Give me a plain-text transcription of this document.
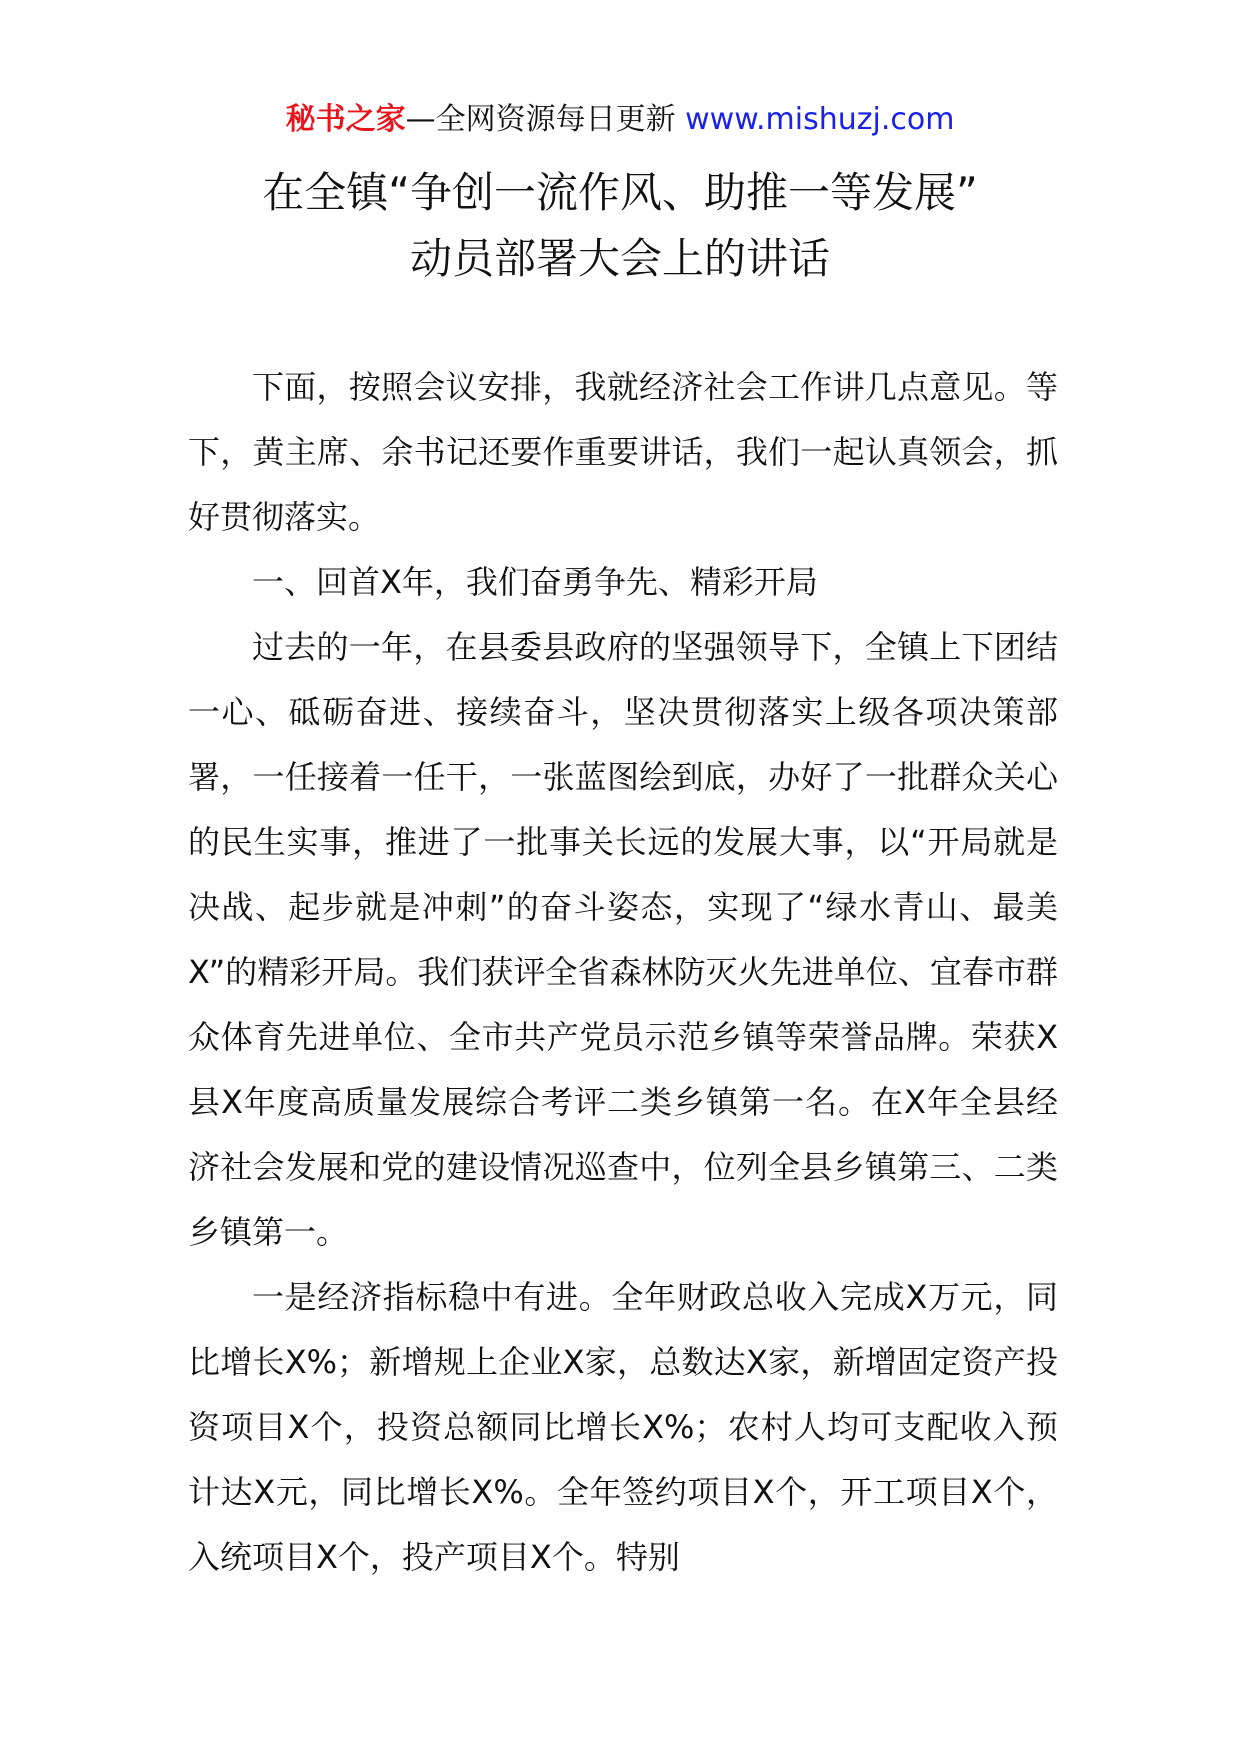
秘书之家—全网资源每日更新 www.mishuzj.com
在全镇“争创一流作风、助推一等发展”
动员部署大会上的讲话

下面，按照会议安排，我就经济社会工作讲几点意见。等下，黄主席、余书记还要作重要讲话，我们一起认真领会，抓好贯彻落实。

一、回首X年，我们奋勇争先、精彩开局

过去的一年，在县委县政府的坚强领导下，全镇上下团结一心、砥砺奋进、接续奋斗，坚决贯彻落实上级各项决策部署，一任接着一任干，一张蓝图绘到底，办好了一批群众关心的民生实事，推进了一批事关长远的发展大事，以“开局就是决战、起步就是冲刺”的奋斗姿态，实现了“绿水青山、最美X”的精彩开局。我们获评全省森林防灭火先进单位、宜春市群众体育先进单位、全市共产党员示范乡镇等荣誉品牌。荣获X县X年度高质量发展综合考评二类乡镇第一名。在X年全县经济社会发展和党的建设情况巡查中，位列全县乡镇第三、二类乡镇第一。

一是经济指标稳中有进。全年财政总收入完成X万元，同比增长X%；新增规上企业X家，总数达X家，新增固定资产投资项目X个，投资总额同比增长X%；农村人均可支配收入预计达X元，同比增长X%。全年签约项目X个，开工项目X个，入统项目X个，投产项目X个。特别
